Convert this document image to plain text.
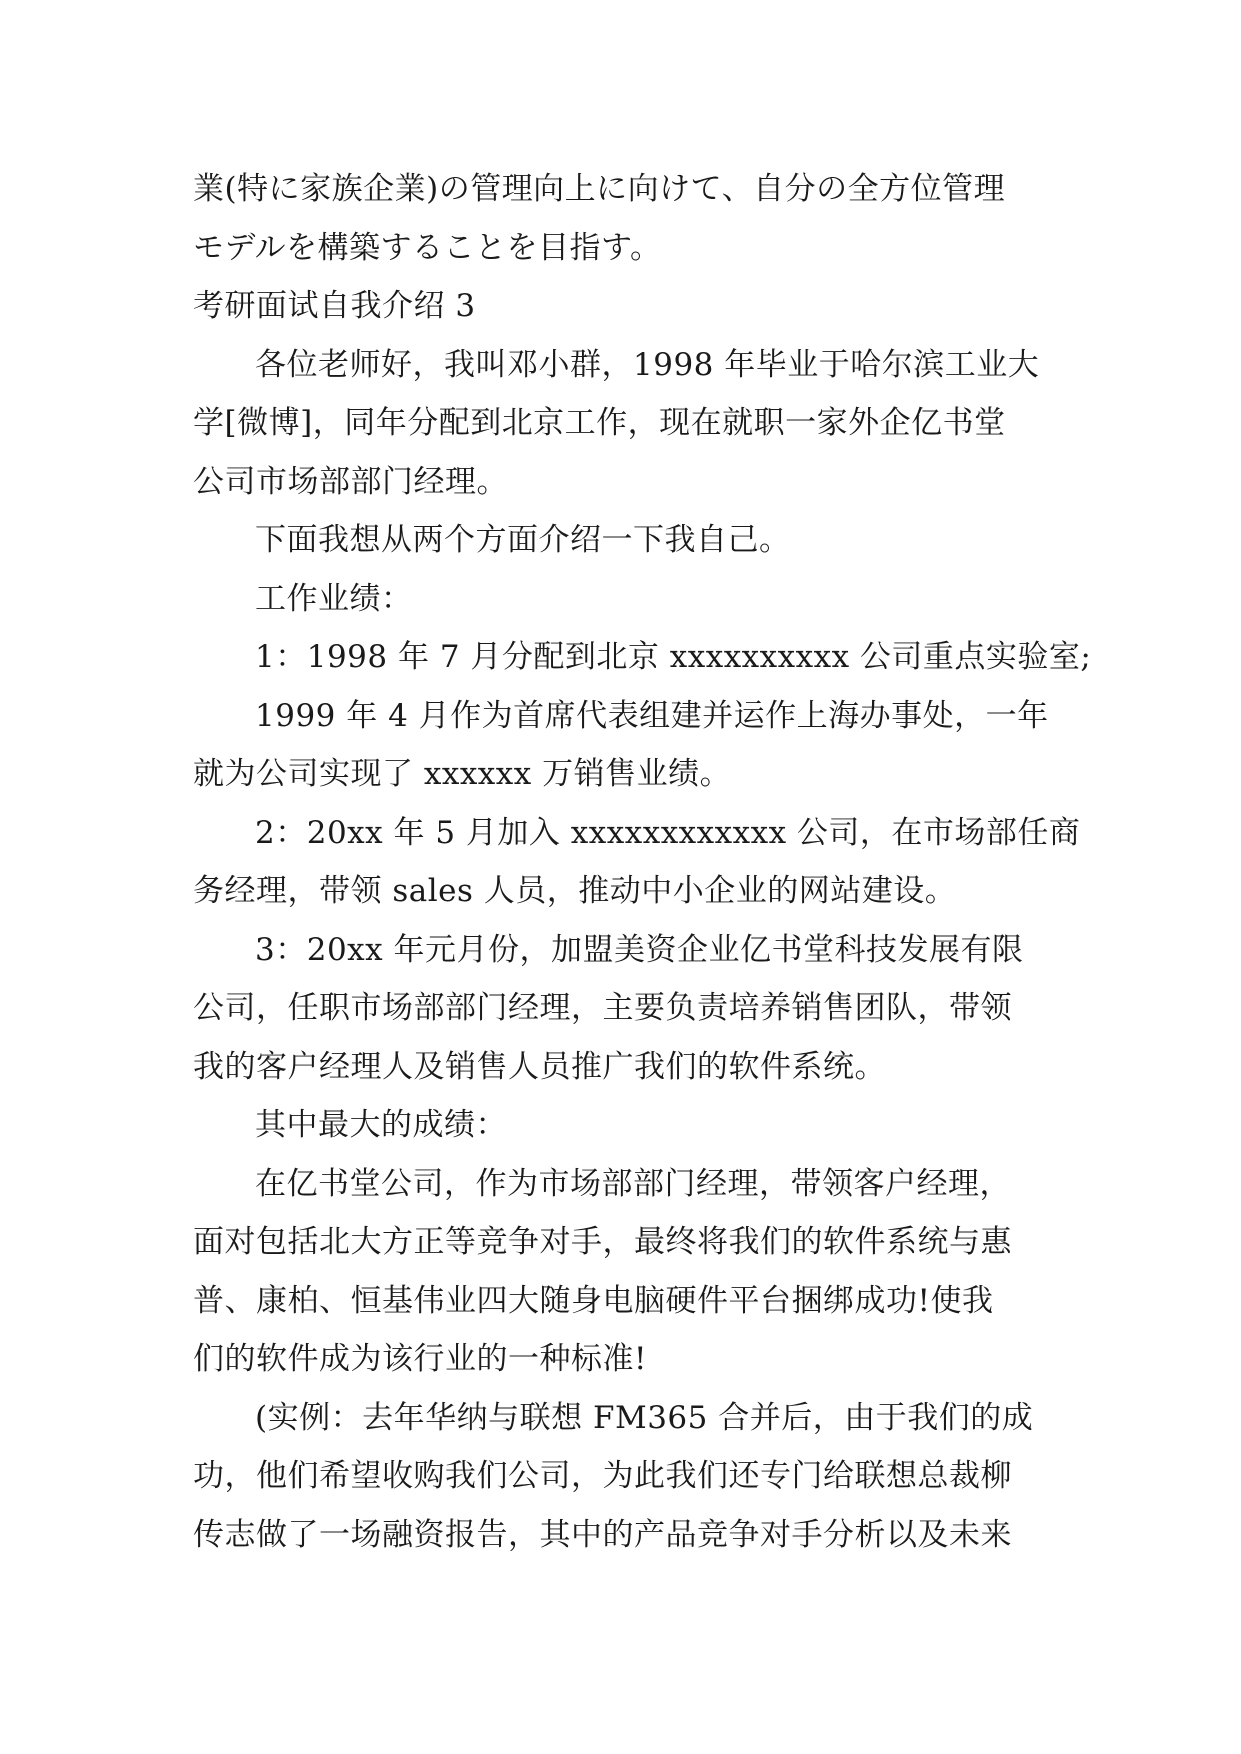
業(特に家族企業)の管理向上に向けて、自分の全方位管理
モデルを構築することを目指す。
考研面试自我介绍 3
各位老师好，我叫邓小群，1998 年毕业于哈尔滨工业大
学[微博]，同年分配到北京工作，现在就职一家外企亿书堂
公司市场部部门经理。
下面我想从两个方面介绍一下我自己。
工作业绩：
1：1998 年 7 月分配到北京 xxxxxxxxxx 公司重点实验室;
1999 年 4 月作为首席代表组建并运作上海办事处，一年
就为公司实现了 xxxxxx 万销售业绩。
2：20xx 年 5 月加入 xxxxxxxxxxxx 公司，在市场部任商
务经理，带领 sales 人员，推动中小企业的网站建设。
3：20xx 年元月份，加盟美资企业亿书堂科技发展有限
公司，任职市场部部门经理，主要负责培养销售团队，带领
我的客户经理人及销售人员推广我们的软件系统。
其中最大的成绩：
在亿书堂公司，作为市场部部门经理，带领客户经理，
面对包括北大方正等竞争对手，最终将我们的软件系统与惠
普、康柏、恒基伟业四大随身电脑硬件平台捆绑成功!使我
们的软件成为该行业的一种标准!
(实例：去年华纳与联想 FM365 合并后，由于我们的成
功，他们希望收购我们公司，为此我们还专门给联想总裁柳
传志做了一场融资报告，其中的产品竞争对手分析以及未来
